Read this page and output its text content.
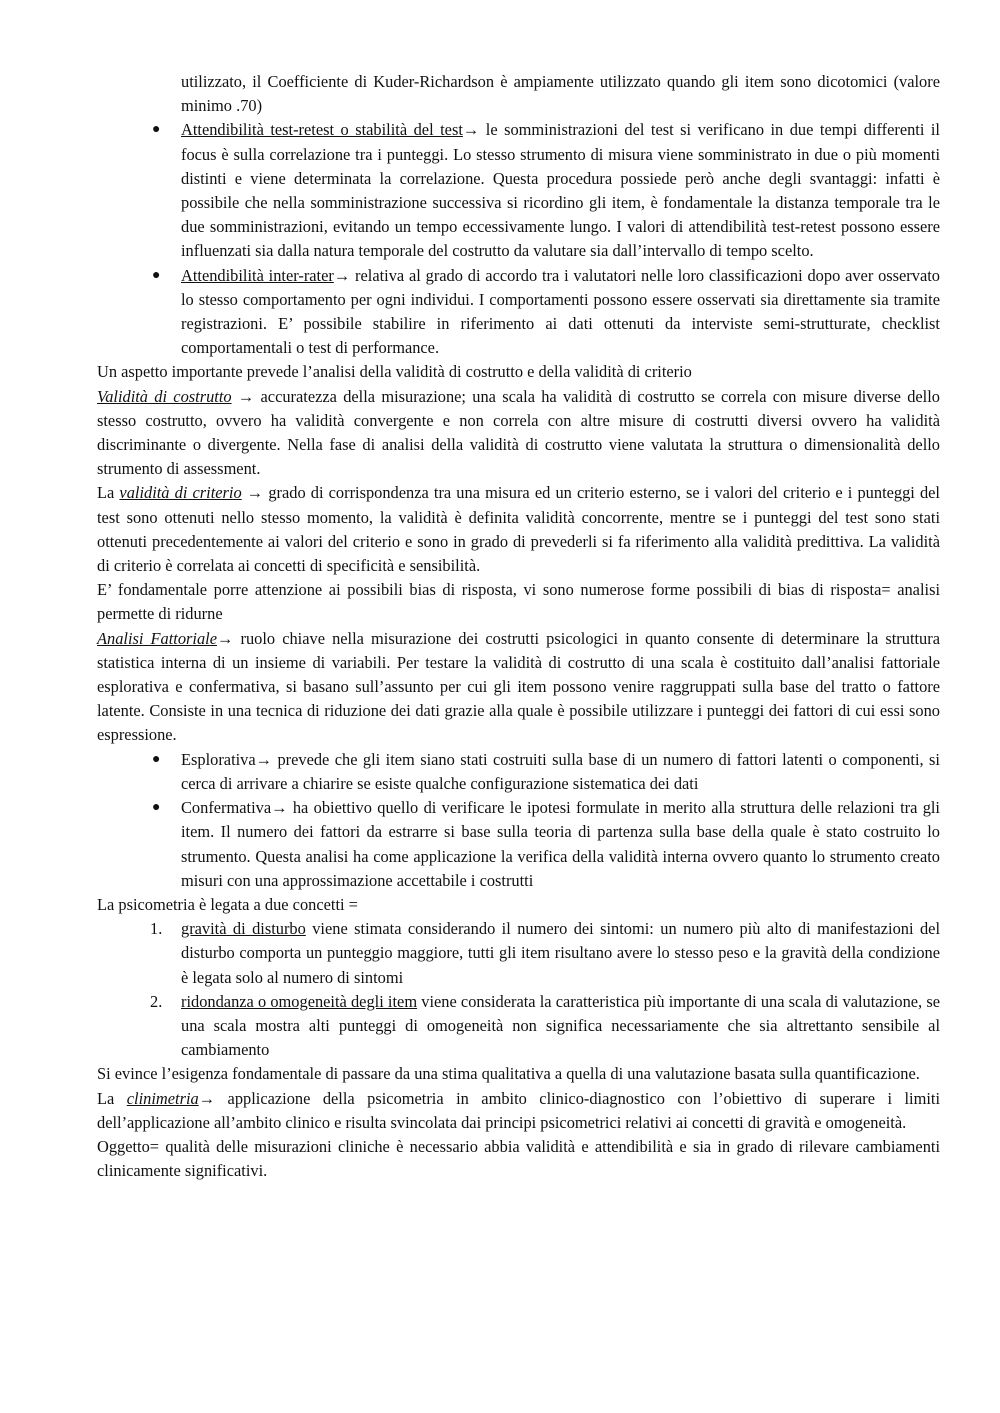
utilizzato, il Coefficiente di Kuder-Richardson è ampiamente utilizzato quando gli item sono dicotomici (valore minimo .70)

● Attendibilità test-retest o stabilità del test→ le somministrazioni del test si verificano in due tempi differenti il focus è sulla correlazione tra i punteggi. Lo stesso strumento di misura viene somministrato in due o più momenti distinti e viene determinata la correlazione. Questa procedura possiede però anche degli svantaggi: infatti è possibile che nella somministrazione successiva si ricordino gli item, è fondamentale la distanza temporale tra le due somministrazioni, evitando un tempo eccessivamente lungo. I valori di attendibilità test-retest possono essere influenzati sia dalla natura temporale del costrutto da valutare sia dall’intervallo di tempo scelto.
● Attendibilità inter-rater→ relativa al grado di accordo tra i valutatori nelle loro classificazioni dopo aver osservato lo stesso comportamento per ogni individui. I comportamenti possono essere osservati sia direttamente sia tramite registrazioni. E’ possibile stabilire in riferimento ai dati ottenuti da interviste semi-strutturate, checklist comportamentali o test di performance.

Un aspetto importante prevede l’analisi della validità di costrutto e della validità di criterio

Validità di costrutto → accuratezza della misurazione; una scala ha validità di costrutto se correla con misure diverse dello stesso costrutto, ovvero ha validità convergente e non correla con altre misure di costrutti diversi ovvero ha validità discriminante o divergente. Nella fase di analisi della validità di costrutto viene valutata la struttura o dimensionalità dello strumento di assessment.

La validità di criterio → grado di corrispondenza tra una misura ed un criterio esterno, se i valori del criterio e i punteggi del test sono ottenuti nello stesso momento, la validità è definita validità concorrente, mentre se i punteggi del test sono stati ottenuti precedentemente ai valori del criterio e sono in grado di prevederli si fa riferimento alla validità predittiva. La validità di criterio è correlata ai concetti di specificità e sensibilità.

E’ fondamentale porre attenzione ai possibili bias di risposta, vi sono numerose forme possibili di bias di risposta= analisi permette di ridurne

Analisi Fattoriale→ ruolo chiave nella misurazione dei costrutti psicologici in quanto consente di determinare la struttura statistica interna di un insieme di variabili. Per testare la validità di costrutto di una scala è costituito dall’analisi fattoriale esplorativa e confermativa, si basano sull’assunto per cui gli item possono venire raggruppati sulla base del tratto o fattore latente. Consiste in una tecnica di riduzione dei dati grazie alla quale è possibile utilizzare i punteggi dei fattori di cui essi sono espressione.

● Esplorativa→ prevede che gli item siano stati costruiti sulla base di un numero di fattori latenti o componenti, si cerca di arrivare a chiarire se esiste qualche configurazione sistematica dei dati
● Confermativa→ ha obiettivo quello di verificare le ipotesi formulate in merito alla struttura delle relazioni tra gli item. Il numero dei fattori da estrarre si base sulla teoria di partenza sulla base della quale è stato costruito lo strumento. Questa analisi ha come applicazione la verifica della validità interna ovvero quanto lo strumento creato misuri con una approssimazione accettabile i costrutti

La psicometria è legata a due concetti =

1. gravità di disturbo viene stimata considerando il numero dei sintomi: un numero più alto di manifestazioni del disturbo comporta un punteggio maggiore, tutti gli item risultano avere lo stesso peso e la gravità della condizione è legata solo al numero di sintomi
2. ridondanza o omogeneità degli item viene considerata la caratteristica più importante di una scala di valutazione, se una scala mostra alti punteggi di omogeneità non significa necessariamente che sia altrettanto sensibile al cambiamento

Si evince l’esigenza fondamentale di passare da una stima qualitativa a quella di una valutazione basata sulla quantificazione.

La clinimetria→ applicazione della psicometria in ambito clinico-diagnostico con l’obiettivo di superare i limiti dell’applicazione all’ambito clinico e risulta svincolata dai principi psicometrici relativi ai concetti di gravità e omogeneità.

Oggetto= qualità delle misurazioni cliniche è necessario abbia validità e attendibilità e sia in grado di rilevare cambiamenti clinicamente significativi.
